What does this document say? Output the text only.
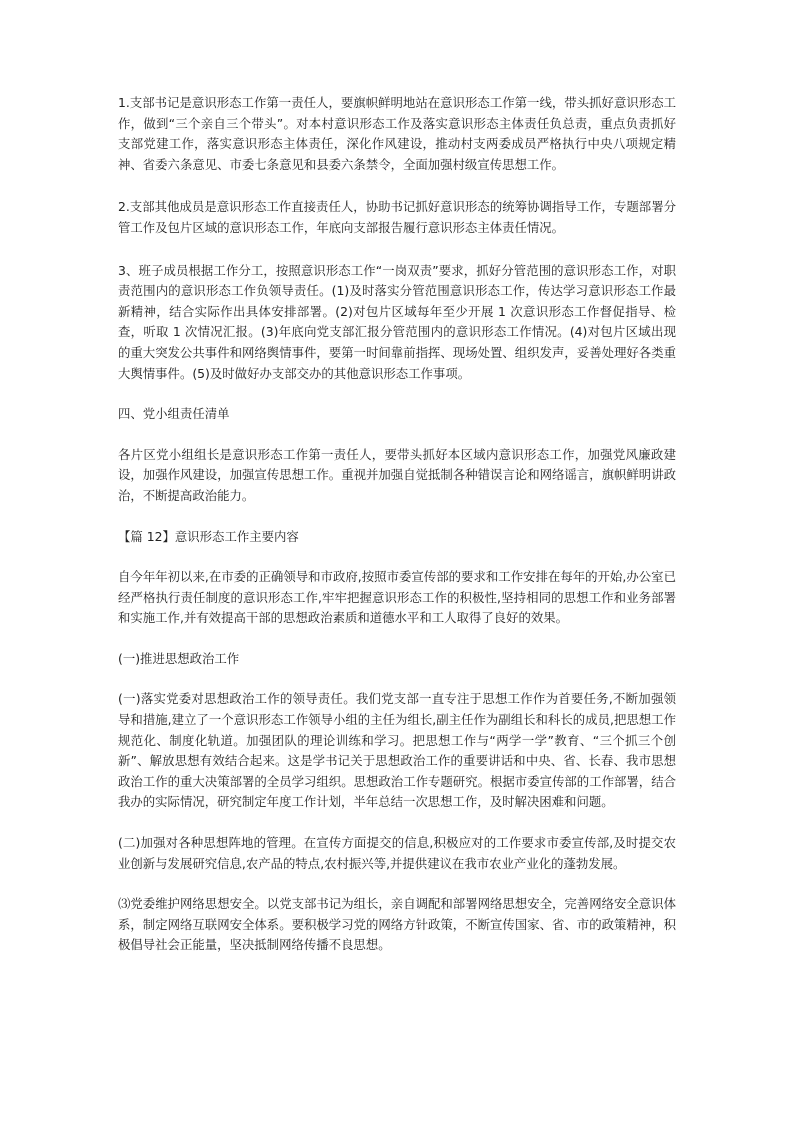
1.支部书记是意识形态工作第一责任人，要旗帜鲜明地站在意识形态工作第一线，带头抓好意识形态工作，做到“三个亲自三个带头”。对本村意识形态工作及落实意识形态主体责任负总责，重点负责抓好支部党建工作，落实意识形态主体责任，深化作风建设，推动村支两委成员严格执行中央八项规定精神、省委六条意见、市委七条意见和县委六条禁令，全面加强村级宣传思想工作。

2.支部其他成员是意识形态工作直接责任人，协助书记抓好意识形态的统筹协调指导工作，专题部署分管工作及包片区域的意识形态工作，年底向支部报告履行意识形态主体责任情况。

3、班子成员根据工作分工，按照意识形态工作“一岗双责”要求，抓好分管范围的意识形态工作，对职责范围内的意识形态工作负领导责任。(1)及时落实分管范围意识形态工作，传达学习意识形态工作最新精神，结合实际作出具体安排部署。(2)对包片区域每年至少开展 1 次意识形态工作督促指导、检查，听取 1 次情况汇报。(3)年底向党支部汇报分管范围内的意识形态工作情况。(4)对包片区域出现的重大突发公共事件和网络舆情事件，要第一时间靠前指挥、现场处置、组织发声，妥善处理好各类重大舆情事件。(5)及时做好办支部交办的其他意识形态工作事项。

四、党小组责任清单

各片区党小组组长是意识形态工作第一责任人，要带头抓好本区域内意识形态工作，加强党风廉政建设，加强作风建设，加强宣传思想工作。重视并加强自觉抵制各种错误言论和网络谣言，旗帜鲜明讲政治，不断提高政治能力。

【篇 12】意识形态工作主要内容

自今年年初以来,在市委的正确领导和市政府,按照市委宣传部的要求和工作安排在每年的开始,办公室已经严格执行责任制度的意识形态工作,牢牢把握意识形态工作的积极性,坚持相同的思想工作和业务部署和实施工作,并有效提高干部的思想政治素质和道德水平和工人取得了良好的效果。

(一)推进思想政治工作

(一)落实党委对思想政治工作的领导责任。我们党支部一直专注于思想工作作为首要任务,不断加强领导和措施,建立了一个意识形态工作领导小组的主任为组长,副主任作为副组长和科长的成员,把思想工作规范化、制度化轨道。加强团队的理论训练和学习。把思想工作与“两学一学”教育、“三个抓三个创新”、解放思想有效结合起来。这是学书记关于思想政治工作的重要讲话和中央、省、长春、我市思想政治工作的重大决策部署的全员学习组织。思想政治工作专题研究。根据市委宣传部的工作部署，结合我办的实际情况，研究制定年度工作计划，半年总结一次思想工作，及时解决困难和问题。

(二)加强对各种思想阵地的管理。在宣传方面提交的信息,积极应对的工作要求市委宣传部,及时提交农业创新与发展研究信息,农产品的特点,农村振兴等,并提供建议在我市农业产业化的蓬勃发展。

⑶党委维护网络思想安全。以党支部书记为组长，亲自调配和部署网络思想安全，完善网络安全意识体系，制定网络互联网安全体系。要积极学习党的网络方针政策，不断宣传国家、省、市的政策精神，积极倡导社会正能量，坚决抵制网络传播不良思想。
